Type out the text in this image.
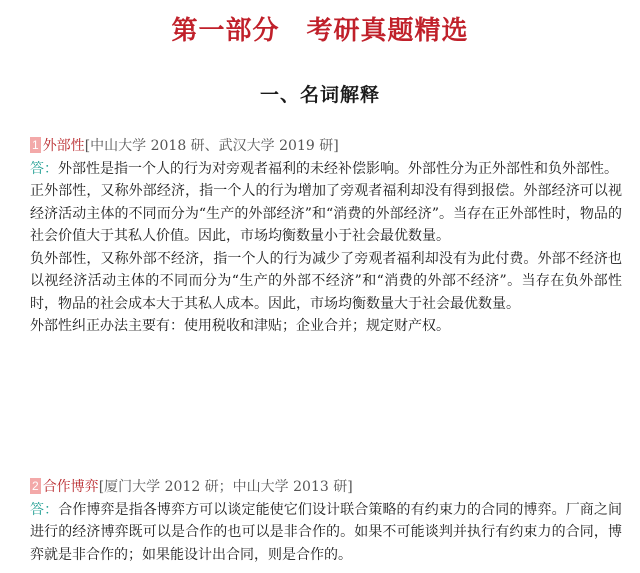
第一部分　考研真题精选
一、名词解释

1 外部性[中山大学 2018 研、武汉大学 2019 研]

答：外部性是指一个人的行为对旁观者福利的未经补偿影响。外部性分为正外部性和负外部性。

正外部性，又称外部经济，指一个人的行为增加了旁观者福利却没有得到报偿。外部经济可以视经济活动主体的不同而分为“生产的外部经济”和“消费的外部经济”。当存在正外部性时，物品的社会价值大于其私人价值。因此，市场均衡数量小于社会最优数量。

负外部性，又称外部不经济，指一个人的行为减少了旁观者福利却没有为此付费。外部不经济也以视经济活动主体的不同而分为“生产的外部不经济”和“消费的外部不经济”。当存在负外部性时，物品的社会成本大于其私人成本。因此，市场均衡数量大于社会最优数量。

外部性纠正办法主要有：使用税收和津贴；企业合并；规定财产权。

2 合作博弈[厦门大学 2012 研；中山大学 2013 研]

答：合作博弈是指各博弈方可以谈定能使它们设计联合策略的有约束力的合同的博弈。厂商之间进行的经济博弈既可以是合作的也可以是非合作的。如果不可能谈判并执行有约束力的合同，博弈就是非合作的；如果能设计出合同，则是合作的。
